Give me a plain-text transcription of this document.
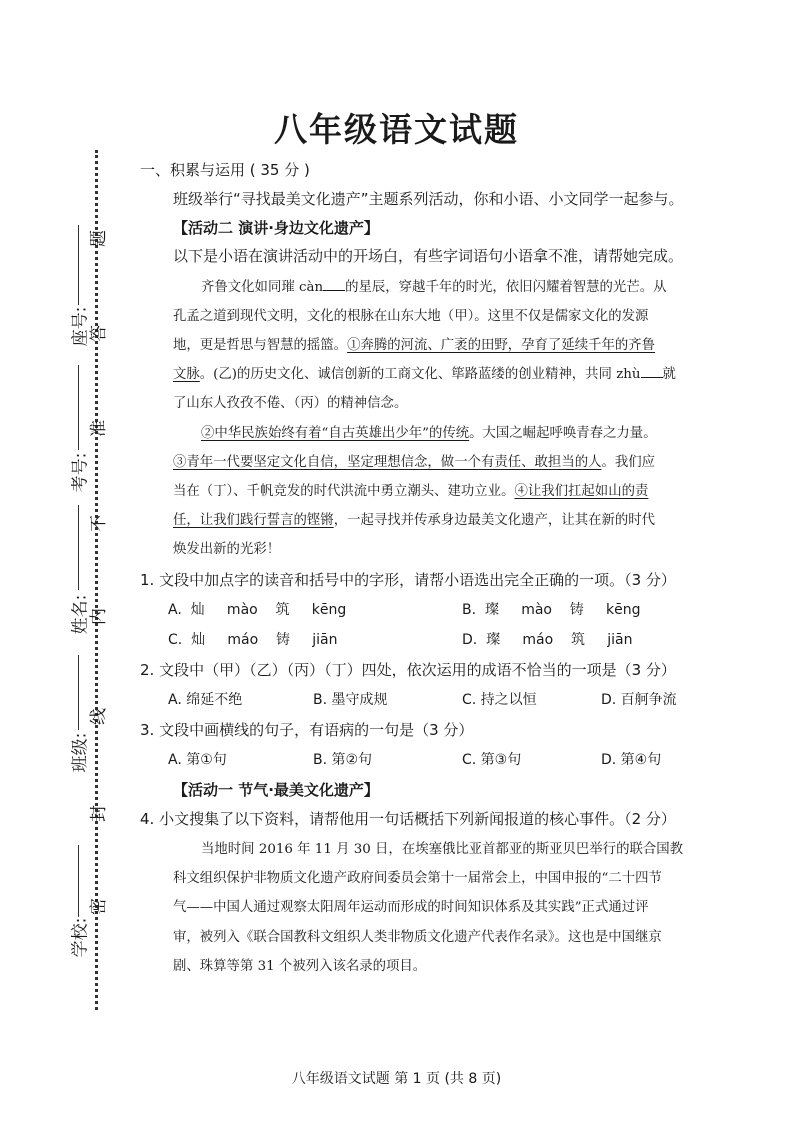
题
答
准
不
内
线
封
密
学校:
班级:
姓名:
考号:
座号:
八年级语文试题
一、积累与运用 ( 35 分 )
班级举行“寻找最美文化遗产”主题系列活动，你和小语、小文同学一起参与。
【活动二 演讲·身边文化遗产】
以下是小语在演讲活动中的开场白，有些字词语句小语拿不准，请帮她完成。
齐鲁文化如同璀 càn 的星辰，穿越千年的时光，依旧闪耀着智慧的光芒。从
孔孟之道到现代文明，文化的根脉在山东大地（甲）。这里不仅是儒家文化的发源
地，更是哲思与智慧的摇篮。①奔腾的河流、广袤的田野，孕育了延续千年的齐鲁
文脉。(乙)的历史文化、诚信创新的工商文化、筚路蓝缕的创业精神，共同 zhù 就
了山东人孜孜不倦、（丙）的精神信念。
②中华民族始终有着“自古英雄出少年”的传统。大国之崛起呼唤青春之力量。
③青年一代要坚定文化自信，坚定理想信念，做一个有责任、敢担当的人。我们应
当在（丁）、千帆竞发的时代洪流中勇立潮头、建功立业。④让我们扛起如山的责
任，让我们践行誓言的铿锵，一起寻找并传承身边最美文化遗产，让其在新的时代
焕发出新的光彩！
1. 文段中加点字的读音和括号中的字形，请帮小语选出完全正确的一项。（3 分）
A.  灿     mào    筑     kēng	B.  璨     mào    铸     kēng
C.  灿     máo    铸     jiān	D.  璨     máo    筑     jiān
2. 文段中（甲）（乙）（丙）（丁）四处，依次运用的成语不恰当的一项是（3 分）
A. 绵延不绝	B. 墨守成规	C. 持之以恒	D. 百舸争流
3. 文段中画横线的句子，有语病的一句是（3 分）
A. 第①句	B. 第②句	C. 第③句	D. 第④句
【活动一 节气·最美文化遗产】
4. 小文搜集了以下资料，请帮他用一句话概括下列新闻报道的核心事件。（2 分）
当地时间 2016 年 11 月 30 日，在埃塞俄比亚首都亚的斯亚贝巴举行的联合国教
科文组织保护非物质文化遗产政府间委员会第十一届常会上，中国申报的“二十四节
气——中国人通过观察太阳周年运动而形成的时间知识体系及其实践”正式通过评
审，被列入《联合国教科文组织人类非物质文化遗产代表作名录》。这也是中国继京
剧、珠算等第 31 个被列入该名录的项目。
八年级语文试题 第 1 页 (共 8 页)
